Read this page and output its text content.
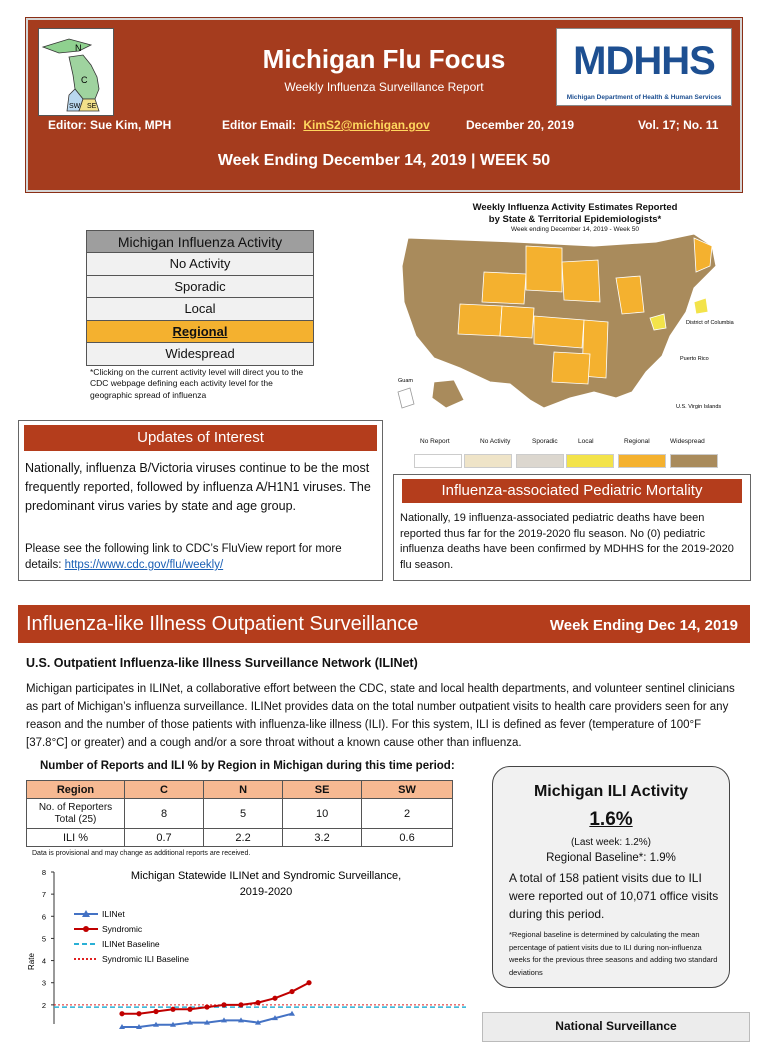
N
C
SE
SW
Michigan Flu Focus
Weekly Influenza Surveillance Report
MDHHS
Michigan Department of Health & Human Services
Editor: Sue Kim, MPH	Editor Email: KimS2@michigan.gov	December 20, 2019	Vol. 17; No. 11
Week Ending December 14, 2019 | WEEK 50
Michigan Influenza Activity
No Activity
Sporadic
Local
Regional
Widespread
*Clicking on the current activity level will direct you to the CDC webpage defining each activity level for the geographic spread of influenza
Weekly Influenza Activity Estimates Reported
by State & Territorial Epidemiologists*
Week ending December 14, 2019 - Week 50
District of Columbia
Puerto Rico
Guam
U.S. Virgin Islands
No Report	No Activity	Sporadic	Local	Regional	Widespread
Updates of Interest
Nationally, influenza B/Victoria viruses continue to be the most frequently reported, followed by influenza A/H1N1 viruses. The predominant virus varies by state and age group.
Please see the following link to CDC’s FluView report for more details: https://www.cdc.gov/flu/weekly/
Influenza-associated Pediatric Mortality
Nationally, 19 influenza-associated pediatric deaths have been reported thus far for the 2019-2020 flu season. No (0) pediatric influenza deaths have been confirmed by MDHHS for the 2019-2020 flu season.
Influenza-like Illness Outpatient Surveillance	Week Ending Dec 14, 2019
U.S. Outpatient Influenza-like Illness Surveillance Network (ILINet)
Michigan participates in ILINet, a collaborative effort between the CDC, state and local health departments, and volunteer sentinel clinicians as part of Michigan’s influenza surveillance. ILINet provides data on the total number outpatient visits to health care providers seen for any reason and the number of those patients with influenza-like illness (ILI). For this system, ILI is defined as fever (temperature of 100°F [37.8°C] or greater) and a cough and/or a sore throat without a known cause other than influenza.
Number of Reports and ILI % by Region in Michigan during this time period:
Region	C	N	SE	SW
No. of Reporters Total (25)	8	5	10	2
ILI %	0.7	2.2	3.2	0.6
Data is provisional and may change as additional reports are received.
Michigan Statewide ILINet and Syndromic Surveillance,
2019-2020
Rate
2
3
4
5
6
7
8
ILINet
Syndromic
ILINet Baseline
Syndromic ILI Baseline
Michigan ILI Activity
1.6%
(Last week: 1.2%)
Regional Baseline*: 1.9%
A total of 158 patient visits due to ILI were reported out of 10,071 office visits during this period.
*Regional baseline is determined by calculating the mean percentage of patient visits due to ILI during non-influenza weeks for the previous three seasons and adding two standard deviations
National Surveillance
